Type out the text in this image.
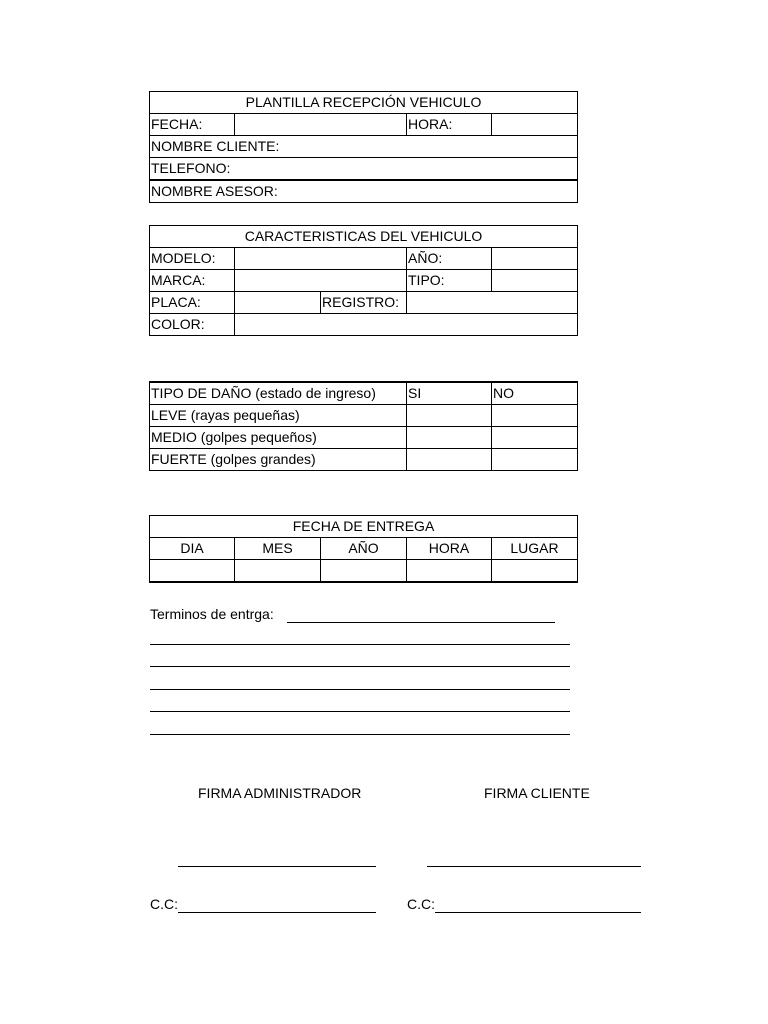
PLANTILLA RECEPCIÓN VEHICULO
FECHA:		HORA:	
NOMBRE CLIENTE:
TELEFONO:
NOMBRE ASESOR:
CARACTERISTICAS DEL VEHICULO				
MODELO:			AÑO:	
MARCA:			TIPO:	
PLACA:		REGISTRO:		
COLOR:				
TIPO DE DAÑO (estado de ingreso)	SI	NO
LEVE (rayas pequeñas)		
MEDIO (golpes pequeños)		
FUERTE (golpes grandes)		
FECHA DE ENTREGA				
DIA	MES	AÑO	HORA	LUGAR

Terminos de entrga:
FIRMA ADMINISTRADOR	FIRMA CLIENTE
C.C:	C.C:
